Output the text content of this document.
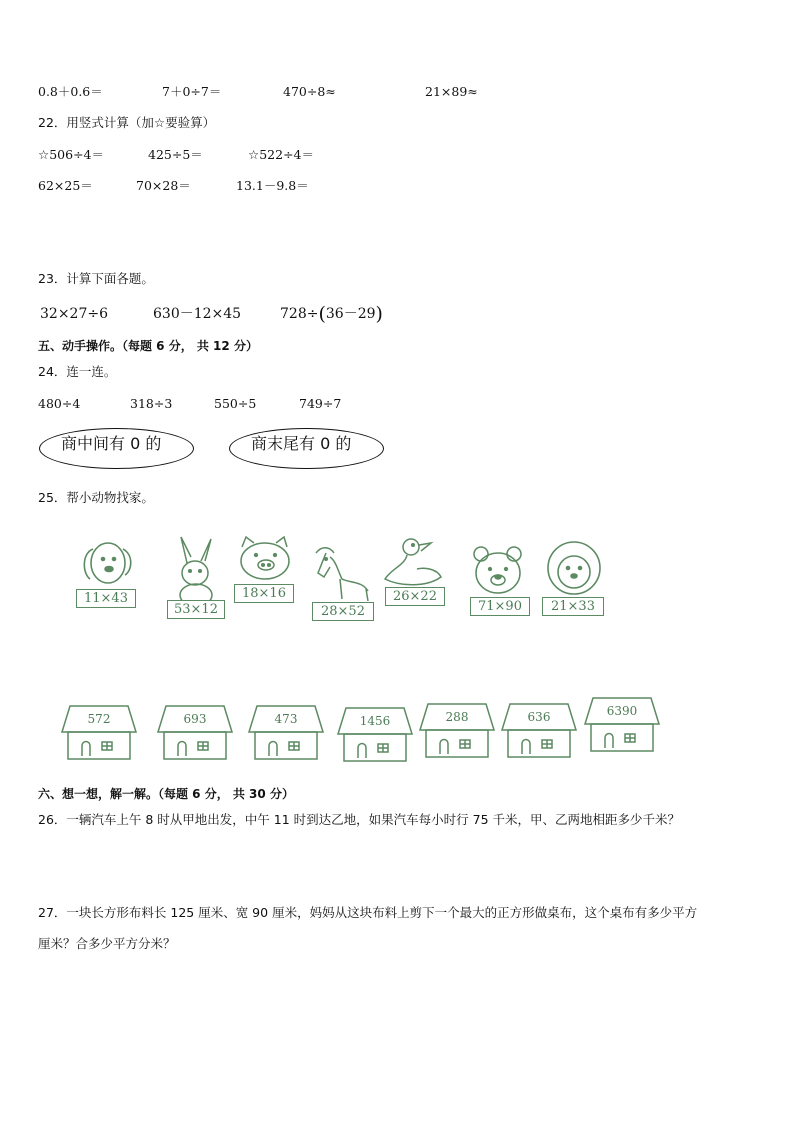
0.8＋0.6＝	7＋0÷7＝	470÷8≈	21×89≈
22．用竖式计算（加☆要验算）
☆506÷4＝	425÷5＝	☆522÷4＝
62×25＝	70×28＝	13.1－9.8＝
23．计算下面各题。
32×27÷6	630－12×45	728÷(36－29)
五、动手操作。（每题 6 分， 共 12 分）
24．连一连。
480÷4	318÷3	550÷5	749÷7
商中间有 0 的	商末尾有 0 的
25．帮小动物找家。
11×43
53×12
18×16
28×52
26×22
71×90	21×33
572	693	473	1456	288	636	6390
六、想一想，解一解。（每题 6 分， 共 30 分）
26．一辆汽车上午 8 时从甲地出发，中午 11 时到达乙地，如果汽车每小时行 75 千米，甲、乙两地相距多少千米？
27．一块长方形布料长 125 厘米、宽 90 厘米，妈妈从这块布料上剪下一个最大的正方形做桌布，这个桌布有多少平方
厘米？合多少平方分米？
